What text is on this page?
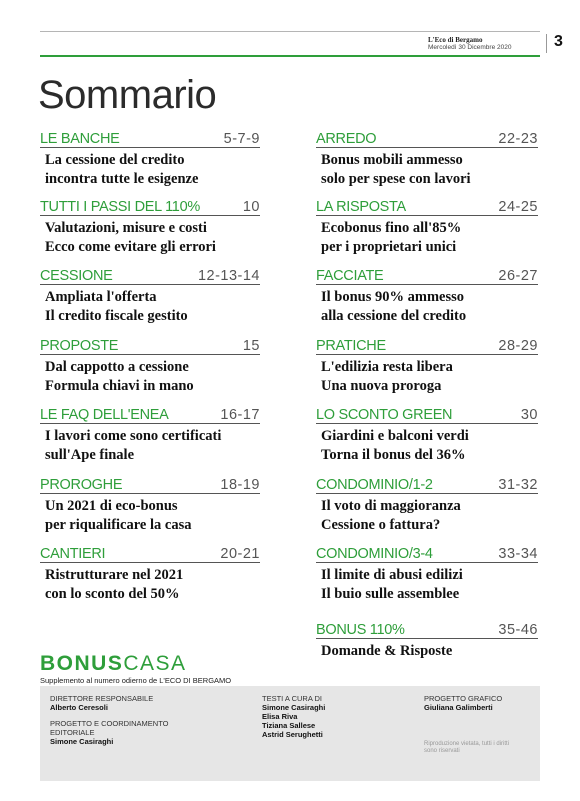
L'Eco di Bergamo
Mercoledì 30 Dicembre 2020	3
Sommario
LE BANCHE	5-7-9
La cessione del credito
incontra tutte le esigenze
TUTTI I PASSI DEL 110%	10
Valutazioni, misure e costi
Ecco come evitare gli errori
CESSIONE	12-13-14
Ampliata l'offerta
Il credito fiscale gestito
PROPOSTE	15
Dal cappotto a cessione
Formula chiavi in mano
LE FAQ DELL'ENEA	16-17
I lavori come sono certificati
sull'Ape finale
PROROGHE	18-19
Un 2021 di eco-bonus
per riqualificare la casa
CANTIERI	20-21
Ristrutturare nel 2021
con lo sconto del 50%
ARREDO	22-23
Bonus mobili ammesso
solo per spese con lavori
LA RISPOSTA	24-25
Ecobonus fino all'85%
per i proprietari unici
FACCIATE	26-27
Il bonus 90% ammesso
alla cessione del credito
PRATICHE	28-29
L'edilizia resta libera
Una nuova proroga
LO SCONTO GREEN	30
Giardini e balconi verdi
Torna il bonus del 36%
CONDOMINIO/1-2	31-32
Il voto di maggioranza
Cessione o fattura?
CONDOMINIO/3-4	33-34
Il limite di abusi edilizi
Il buio sulle assemblee
BONUS 110%	35-46
Domande & Risposte
BONUSCASA
Supplemento al numero odierno de L'ECO DI BERGAMO
DIRETTORE RESPONSABILE
Alberto Ceresoli
PROGETTO E COORDINAMENTO
EDITORIALE
Simone Casiraghi
TESTI A CURA DI
Simone Casiraghi
Elisa Riva
Tiziana Sallese
Astrid Serughetti
PROGETTO GRAFICO
Giuliana Galimberti
Riproduzione vietata, tutti i diritti
sono riservati
